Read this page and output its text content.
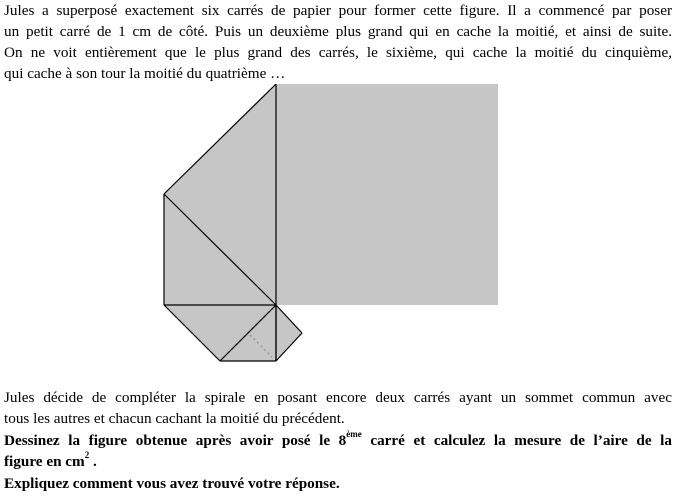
Jules a superposé exactement six carrés de papier pour former cette figure. Il a commencé par poser
un petit carré de 1 cm de côté. Puis un deuxième plus grand qui en cache la moitié, et ainsi de suite.
On ne voit entièrement que le plus grand des carrés, le sixième, qui cache la moitié du cinquième,
qui cache à son tour la moitié du quatrième …
Jules décide de compléter la spirale en posant encore deux carrés ayant un sommet commun avec
tous les autres et chacun cachant la moitié du précédent.
Dessinez la figure obtenue après avoir posé le 8ème carré et calculez la mesure de l’aire de la
figure en $cm^2$ .
Expliquez comment vous avez trouvé votre réponse.
